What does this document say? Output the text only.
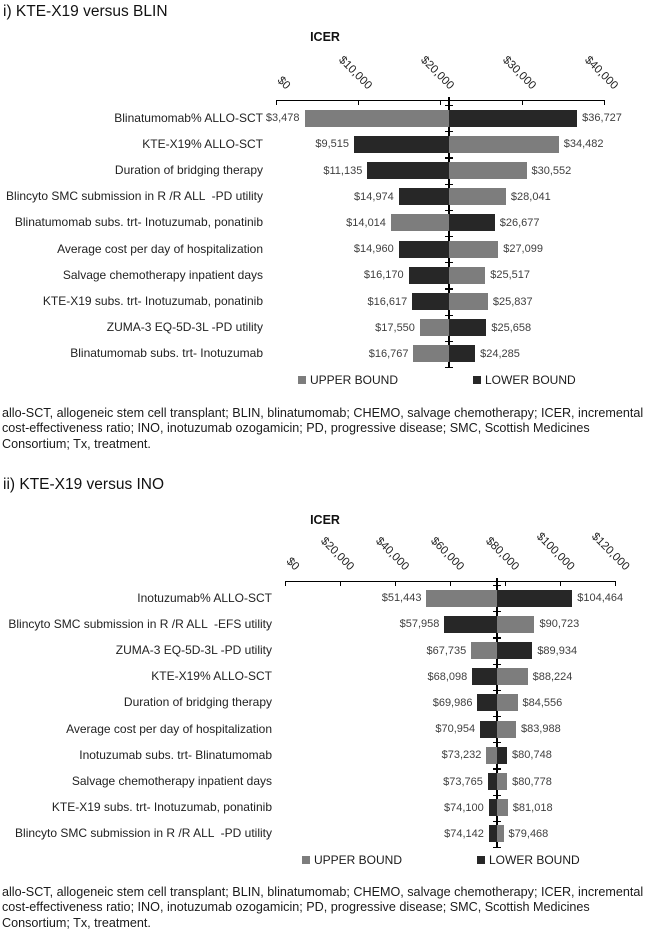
i) KTE-X19 versus BLIN
ICER
$0	$10,000	$20,000	$30,000	$40,000
Blinatumomab% ALLO-SCT $3,478	$36,727
KTE-X19% ALLO-SCT	$9,515	$34,482
Duration of bridging therapy	$11,135	$30,552
Blincyto SMC submission in R /R ALL  -PD utility	$14,974	$28,041
Blinatumomab subs. trt- Inotuzumab, ponatinib	$14,014	$26,677
Average cost per day of hospitalization	$14,960	$27,099
Salvage chemotherapy inpatient days	$16,170	$25,517
KTE-X19 subs. trt- Inotuzumab, ponatinib	$16,617	$25,837
ZUMA-3 EQ-5D-3L -PD utility	$17,550	$25,658
Blinatumomab subs. trt- Inotuzumab	$16,767	$24,285
UPPER BOUND	LOWER BOUND
allo-SCT, allogeneic stem cell transplant; BLIN, blinatumomab; CHEMO, salvage chemotherapy; ICER, incremental
cost-effectiveness ratio; INO, inotuzumab ozogamicin; PD, progressive disease; SMC, Scottish Medicines
Consortium; Tx, treatment.
ii) KTE-X19 versus INO
ICER
$0 $20,000 $40,000 $60,000 $80,000 $100,000 $120,000
Inotuzumab% ALLO-SCT	$51,443	$104,464
Blincyto SMC submission in R /R ALL  -EFS utility	$57,958	$90,723
ZUMA-3 EQ-5D-3L -PD utility	$67,735	$89,934
KTE-X19% ALLO-SCT	$68,098	$88,224
Duration of bridging therapy	$69,986	$84,556
Average cost per day of hospitalization	$70,954	$83,988
Inotuzumab subs. trt- Blinatumomab	$73,232	$80,748
Salvage chemotherapy inpatient days	$73,765	$80,778
KTE-X19 subs. trt- Inotuzumab, ponatinib	$74,100	$81,018
Blincyto SMC submission in R /R ALL  -PD utility	$74,142 $79,468
UPPER BOUND	LOWER BOUND
allo-SCT, allogeneic stem cell transplant; BLIN, blinatumomab; CHEMO, salvage chemotherapy; ICER, incremental
cost-effectiveness ratio; INO, inotuzumab ozogamicin; PD, progressive disease; SMC, Scottish Medicines
Consortium; Tx, treatment.
